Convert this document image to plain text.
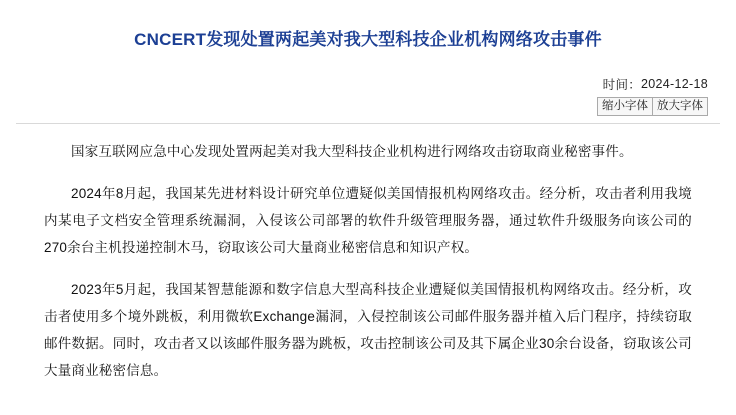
CNCERT发现处置两起美对我大型科技企业机构网络攻击事件
时间： 2024-12-18
缩小字体 放大字体

国家互联网应急中心发现处置两起美对我大型科技企业机构进行网络攻击窃取商业秘密事件。

2024年8月起，我国某先进材料设计研究单位遭疑似美国情报机构网络攻击。经分析，攻击者利用我境内某电子文档安全管理系统漏洞，入侵该公司部署的软件升级管理服务器，通过软件升级服务向该公司的270余台主机投递控制木马，窃取该公司大量商业秘密信息和知识产权。

2023年5月起，我国某智慧能源和数字信息大型高科技企业遭疑似美国情报机构网络攻击。经分析，攻击者使用多个境外跳板，利用微软Exchange漏洞，入侵控制该公司邮件服务器并植入后门程序，持续窃取邮件数据。同时，攻击者又以该邮件服务器为跳板，攻击控制该公司及其下属企业30余台设备，窃取该公司大量商业秘密信息。
